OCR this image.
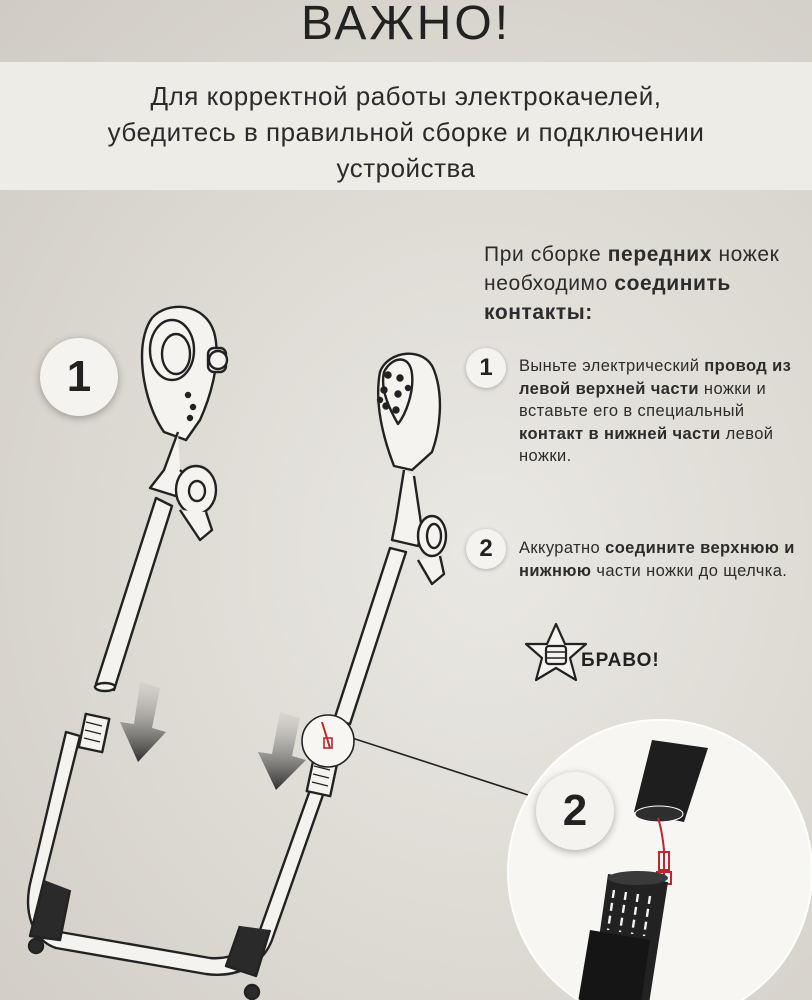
ВАЖНО!
Для корректной работы электрокачелей,
убедитесь в правильной сборке и подключении
устройства
При сборке передних ножек необходимо соединить контакты:
1	Выньте электрический провод из левой верхней части ножки и вставьте его в специальный контакт в нижней части левой ножки.
2	Аккуратно соедините верхнюю и нижнюю части ножки до щелчка.
БРАВО!
1
2
